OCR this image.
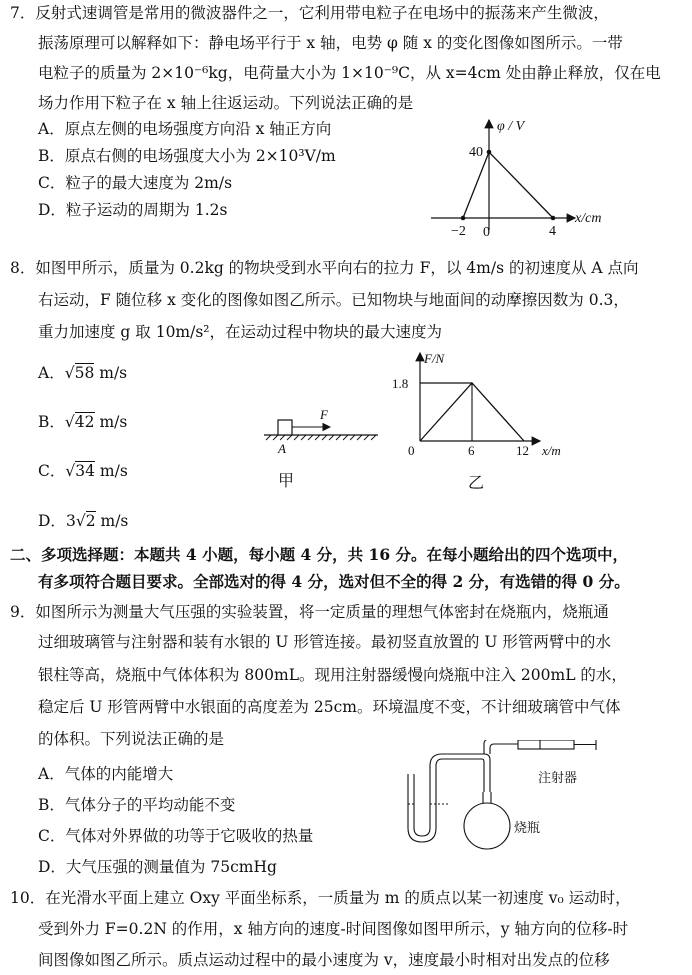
7．反射式速调管是常用的微波器件之一，它利用带电粒子在电场中的振荡来产生微波，
振荡原理可以解释如下：静电场平行于 x 轴，电势 φ 随 x 的变化图像如图所示。一带
电粒子的质量为 2×10⁻⁶kg，电荷量大小为 1×10⁻⁹C，从 x=4cm 处由静止释放，仅在电
场力作用下粒子在 x 轴上往返运动。下列说法正确的是
A．原点左侧的电场强度方向沿 x 轴正方向
B．原点右侧的电场强度大小为 2×10³V/m
C．粒子的最大速度为 2m/s
D．粒子运动的周期为 1.2s
φ / V
40
x/cm
−2 0	4
8．如图甲所示，质量为 0.2kg 的物块受到水平向右的拉力 F，以 4m/s 的初速度从 A 点向
右运动，F 随位移 x 变化的图像如图乙所示。已知物块与地面间的动摩擦因数为 0.3，
重力加速度 g 取 10m/s²，在运动过程中物块的最大速度为
A．√58 m/s
B．√42 m/s
C．√34 m/s
D．3√2 m/s
F
A
甲
F/N
1.8
0	6	12 x/m
乙
二、多项选择题：本题共 4 小题，每小题 4 分，共 16 分。在每小题给出的四个选项中，
有多项符合题目要求。全部选对的得 4 分，选对但不全的得 2 分，有选错的得 0 分。
9．如图所示为测量大气压强的实验装置，将一定质量的理想气体密封在烧瓶内，烧瓶通
过细玻璃管与注射器和装有水银的 U 形管连接。最初竖直放置的 U 形管两臂中的水
银柱等高，烧瓶中气体体积为 800mL。现用注射器缓慢向烧瓶中注入 200mL 的水，
稳定后 U 形管两臂中水银面的高度差为 25cm。环境温度不变，不计细玻璃管中气体
的体积。下列说法正确的是
A．气体的内能增大
B．气体分子的平均动能不变
C．气体对外界做的功等于它吸收的热量
D．大气压强的测量值为 75cmHg
注射器
烧瓶
10．在光滑水平面上建立 Oxy 平面坐标系，一质量为 m 的质点以某一初速度 v₀ 运动时，
受到外力 F=0.2N 的作用，x 轴方向的速度-时间图像如图甲所示，y 轴方向的位移-时
间图像如图乙所示。质点运动过程中的最小速度为 v，速度最小时相对出发点的位移
